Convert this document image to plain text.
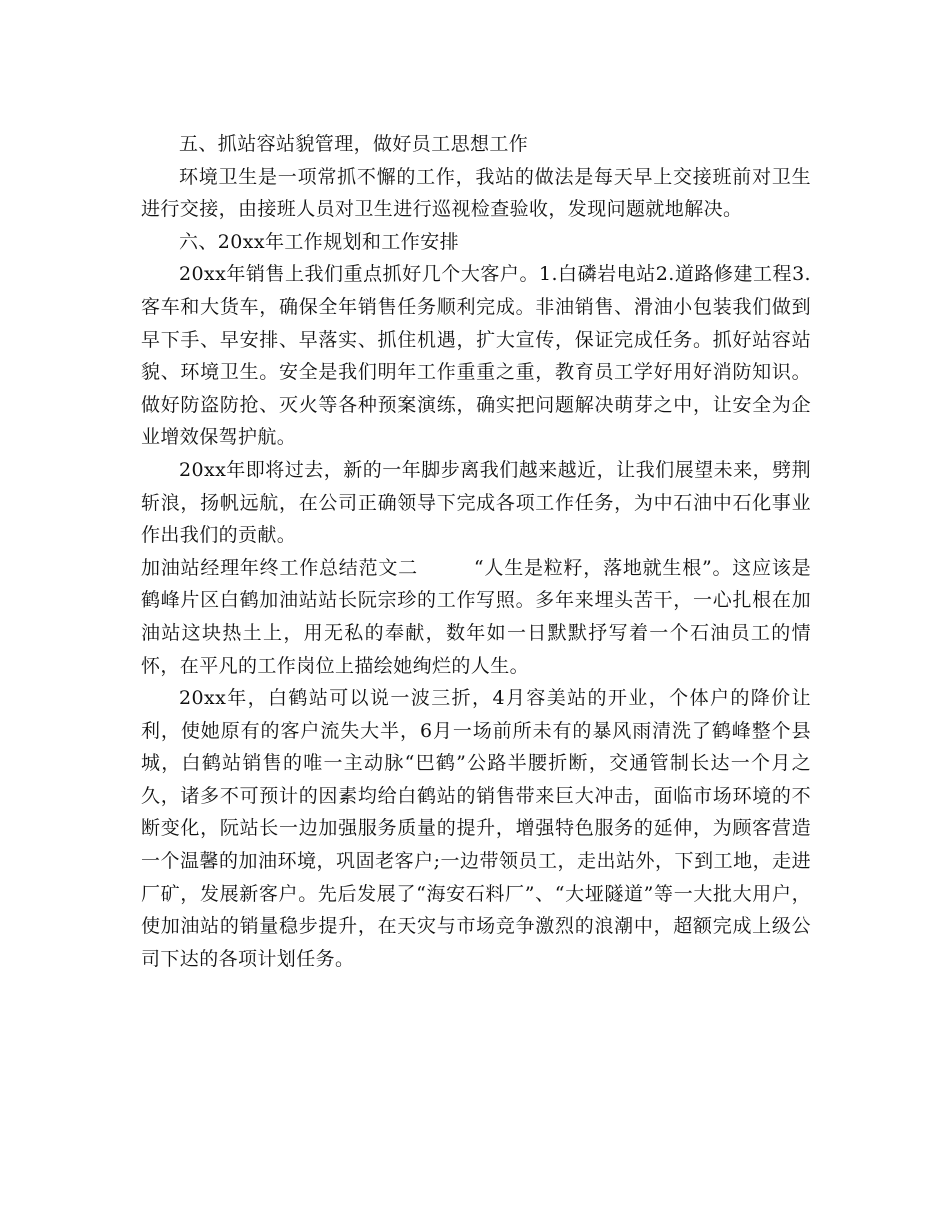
五、抓站容站貌管理，做好员工思想工作

环境卫生是一项常抓不懈的工作，我站的做法是每天早上交接班前对卫生进行交接，由接班人员对卫生进行巡视检查验收，发现问题就地解决。

六、20xx年工作规划和工作安排

20xx年销售上我们重点抓好几个大客户。1.白磷岩电站2.道路修建工程3.客车和大货车，确保全年销售任务顺利完成。非油销售、滑油小包装我们做到早下手、早安排、早落实、抓住机遇，扩大宣传，保证完成任务。抓好站容站貌、环境卫生。安全是我们明年工作重重之重，教育员工学好用好消防知识。做好防盗防抢、灭火等各种预案演练，确实把问题解决萌芽之中，让安全为企业增效保驾护航。

20xx年即将过去，新的一年脚步离我们越来越近，让我们展望未来，劈荆斩浪，扬帆远航，在公司正确领导下完成各项工作任务，为中石油中石化事业作出我们的贡献。

加油站经理年终工作总结范文二	“人生是粒籽，落地就生根”。这应该是鹤峰片区白鹤加油站站长阮宗珍的工作写照。多年来埋头苦干，一心扎根在加油站这块热土上，用无私的奉献，数年如一日默默抒写着一个石油员工的情怀，在平凡的工作岗位上描绘她绚烂的人生。

20xx年，白鹤站可以说一波三折，4月容美站的开业，个体户的降价让利，使她原有的客户流失大半，6月一场前所未有的暴风雨清洗了鹤峰整个县城，白鹤站销售的唯一主动脉“巴鹤”公路半腰折断，交通管制长达一个月之久，诸多不可预计的因素均给白鹤站的销售带来巨大冲击，面临市场环境的不断变化，阮站长一边加强服务质量的提升，增强特色服务的延伸，为顾客营造一个温馨的加油环境，巩固老客户;一边带领员工，走出站外，下到工地，走进厂矿，发展新客户。先后发展了“海安石料厂”、“大垭隧道”等一大批大用户，使加油站的销量稳步提升，在天灾与市场竞争激烈的浪潮中，超额完成上级公司下达的各项计划任务。
